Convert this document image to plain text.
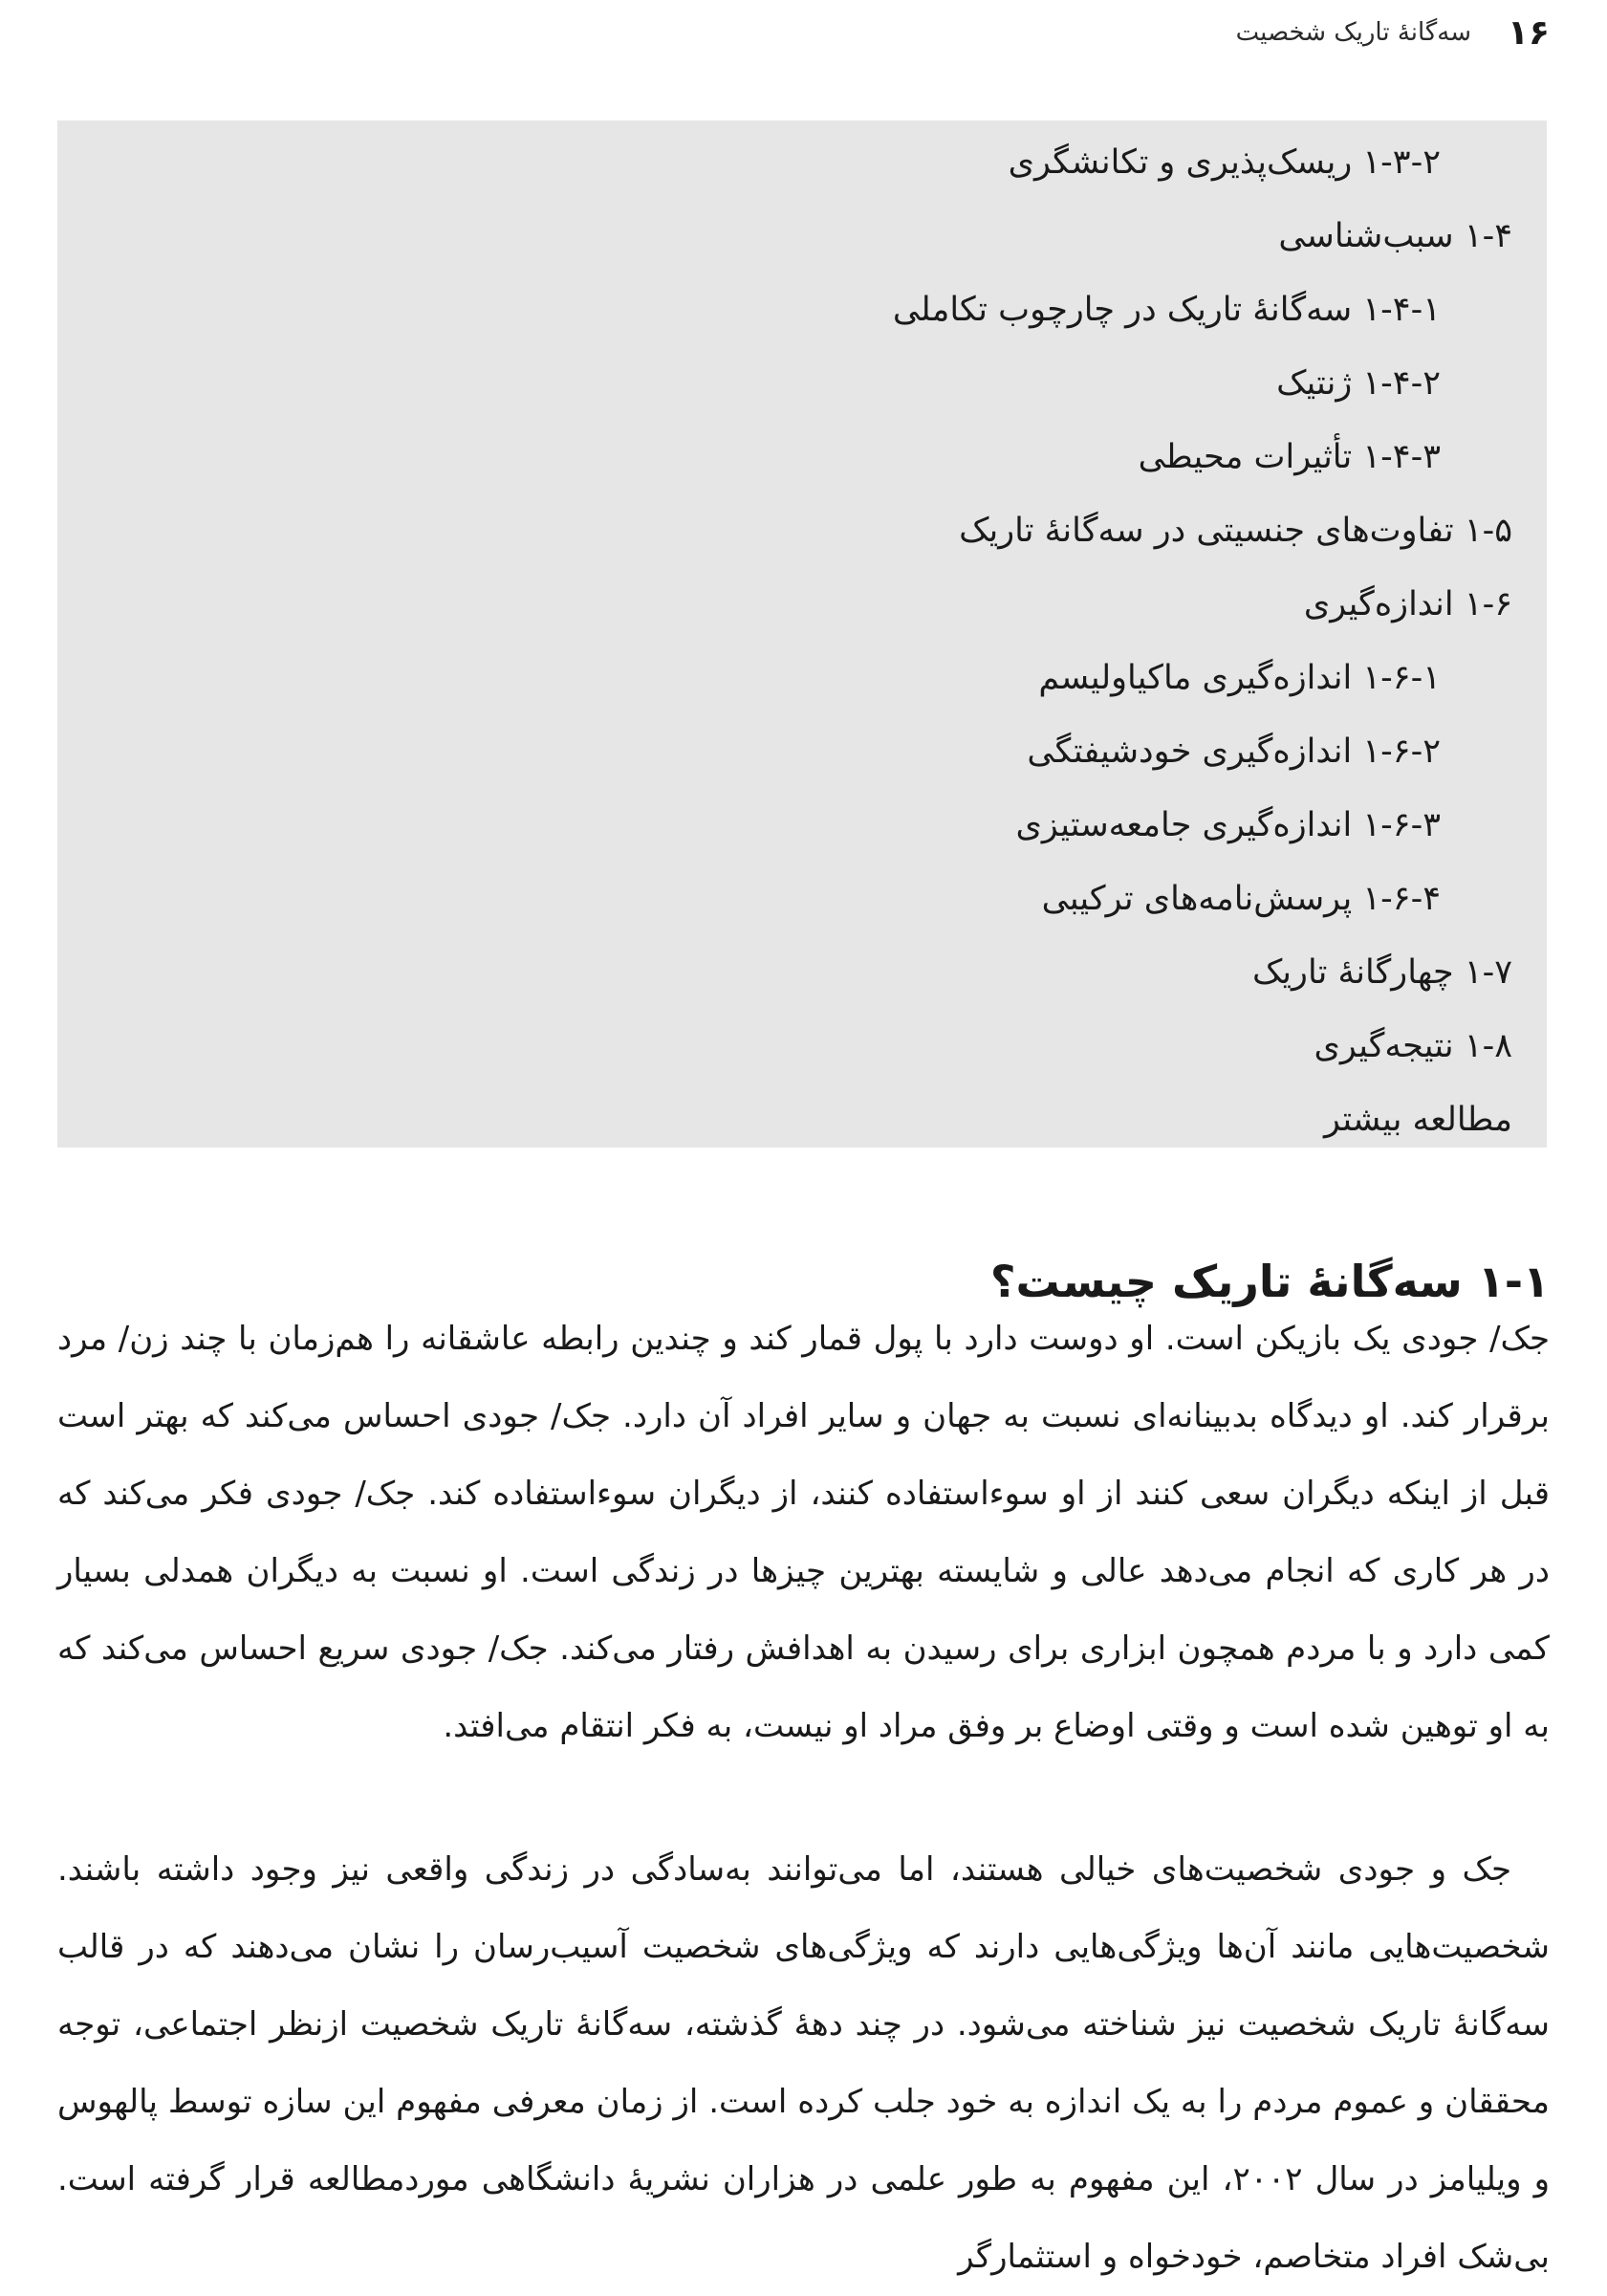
۱۶
سه‌گانهٔ تاریک شخصیت
۱-۳-۲ ریسک‌پذیری و تکانشگری
۱-۴ سبب‌شناسی
۱-۴-۱ سه‌گانهٔ تاریک در چارچوب تکاملی
۱-۴-۲ ژنتیک
۱-۴-۳ تأثیرات محیطی
۱-۵ تفاوت‌های جنسیتی در سه‌گانهٔ تاریک
۱-۶ اندازه‌گیری
۱-۶-۱ اندازه‌گیری ماکیاولیسم
۱-۶-۲ اندازه‌گیری خودشیفتگی
۱-۶-۳ اندازه‌گیری جامعه‌ستیزی
۱-۶-۴ پرسش‌نامه‌های ترکیبی
۱-۷ چهارگانهٔ تاریک
۱-۸ نتیجه‌گیری
مطالعه بیشتر
۱-۱ سه‌گانهٔ تاریک چیست؟

جک/ جودی یک بازیکن است. او دوست دارد با پول قمار کند و چندین رابطه عاشقانه را هم‌زمان با چند زن/ مرد برقرار کند. او دیدگاه بدبینانه‌ای نسبت به جهان و سایر افراد آن دارد. جک/ جودی احساس می‌کند که بهتر است قبل از اینکه دیگران سعی کنند از او سوءاستفاده کنند، از دیگران سوءاستفاده کند. جک/ جودی فکر می‌کند که در هر کاری که انجام می‌دهد عالی و شایسته بهترین چیزها در زندگی است. او نسبت به دیگران همدلی بسیار کمی دارد و با مردم همچون ابزاری برای رسیدن به اهدافش رفتار می‌کند. جک/ جودی سریع احساس می‌کند که به او توهین شده است و وقتی اوضاع بر وفق مراد او نیست، به فکر انتقام می‌افتد.

جک و جودی شخصیت‌های خیالی هستند، اما می‌توانند به‌سادگی در زندگی واقعی نیز وجود داشته باشند. شخصیت‌هایی مانند آن‌ها ویژگی‌هایی دارند که ویژگی‌های شخصیت آسیب‌رسان را نشان می‌دهند که در قالب سه‌گانهٔ تاریک شخصیت نیز شناخته می‌شود. در چند دههٔ گذشته، سه‌گانهٔ تاریک شخصیت ازنظر اجتماعی، توجه محققان و عموم مردم را به یک اندازه به خود جلب کرده است. از زمان معرفی مفهوم این سازه توسط پالهوس و ویلیامز در سال ۲۰۰۲، این مفهوم به طور علمی در هزاران نشریهٔ دانشگاهی موردمطالعه قرار گرفته است. بی‌شک افراد متخاصم، خودخواه و استثمارگر
